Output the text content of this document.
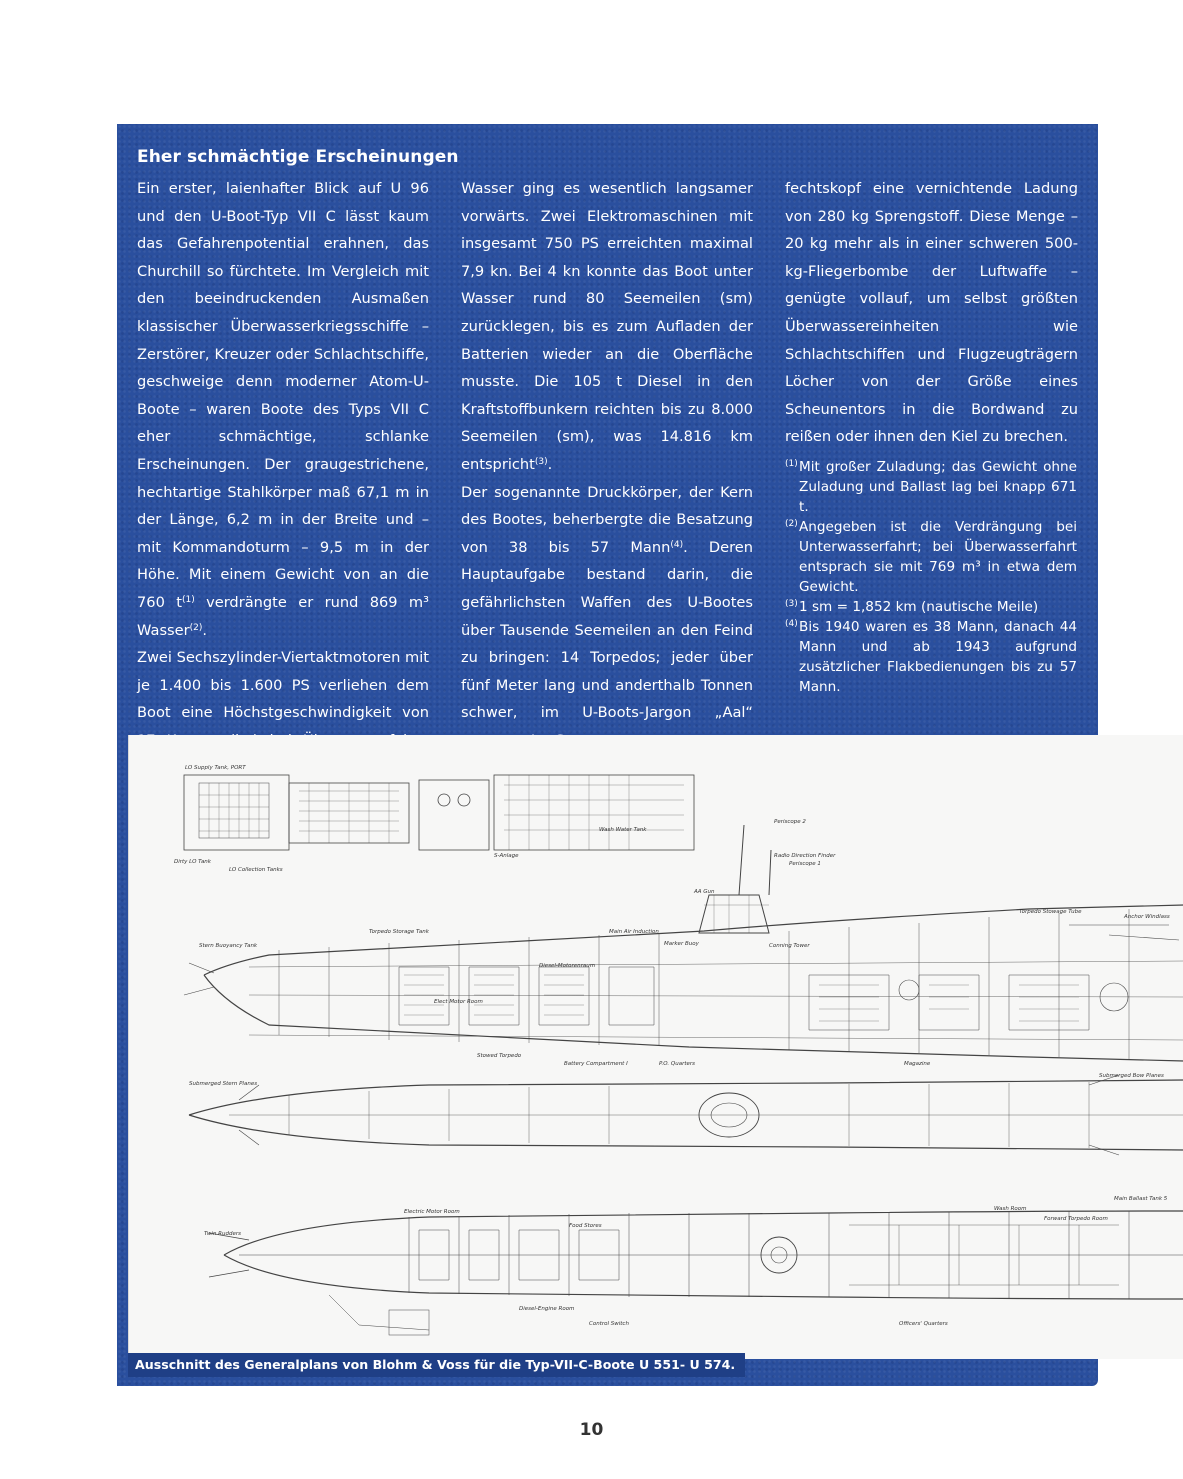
Eher schmächtige Erscheinungen

Ein erster, laienhafter Blick auf U 96 und den U-Boot-Typ VII C lässt kaum das Gefahrenpotential erahnen, das Churchill so fürchtete. Im Vergleich mit den beeindruckenden Ausmaßen klassischer Überwasserkriegsschiffe – Zerstörer, Kreuzer oder Schlachtschiffe, geschweige denn moderner Atom-U-Boote – waren Boote des Typs VII C eher schmächtige, schlanke Erscheinungen. Der graugestrichene, hechtartige Stahlkörper maß 67,1 m in der Länge, 6,2 m in der Breite und – mit Kommandoturm – 9,5 m in der Höhe. Mit einem Gewicht von an die 760 $t^{(1)}$ verdrängte er rund 869 m³ Wasser$^{(2)}$.

Zwei Sechszylinder-Viertaktmotoren mit je 1.400 bis 1.600 PS verliehen dem Boot eine Höchstgeschwindigkeit von

Wasser ging es wesentlich langsamer vorwärts. Zwei Elektromaschinen mit insgesamt 750 PS erreichten maximal 7,9 kn. Bei 4 kn konnte das Boot unter Wasser rund 80 Seemeilen (sm) zurücklegen, bis es zum Aufladen der Batterien wieder an die Oberfläche musste. Die 105 t Diesel in den Kraftstoffbunkern reichten bis zu 8.000 Seemeilen (sm), was 14.816 km entspricht$^{(3)}$.

Der sogenannte Druckkörper, der Kern des Bootes, beherbergte die Besatzung von 38 bis 57 Mann$^{(4)}$. Deren Hauptaufgabe bestand darin, die gefährlichsten Waffen des U-Bootes über Tausende Seemeilen an den Feind zu bringen: 14 Torpedos; jeder über fünf Meter lang und anderthalb Tonnen schwer, im U-Boots-Jargon „Aal“

fechtskopf eine vernichtende Ladung von 280 kg Sprengstoff. Diese Menge – 20 kg mehr als in einer schweren 500-kg-Fliegerbombe der Luftwaffe – genügte vollauf, um selbst größten Überwassereinheiten wie Schlachtschiffen und Flugzeugträgern Löcher von der Größe eines Scheunentors in die Bordwand zu reißen oder ihnen den Kiel zu brechen.

(1) Mit großer Zuladung; das Gewicht ohne Zuladung und Ballast lag bei knapp 671 t.

(2) Angegeben ist die Verdrängung bei Unterwasserfahrt; bei Überwasserfahrt entsprach sie mit 769 m³ in etwa dem Gewicht.

(3) 1 sm = 1,852 km (nautische Meile)

(4) Bis 1940 waren es 38 Mann, danach 44 Mann und ab 1943 aufgrund zusätzlicher Flakbedienungen bis zu 57 Mann.

LO Supply Tank, PORT
Dirty LO Tank
LO Collection Tanks
S-Anlage
Wash Water Tank
Periscope 2
Radio Direction Finder
Periscope 1
AA Gun
Torpedo Stowage Tube
Anchor Windlass
Stern Buoyancy Tank
Torpedo Storage Tank	Main Air Induction
Marker Buoy	Conning Tower
Diesel-Motorenraum
Elect Motor Room
Stowed Torpedo
Battery Compartment I	P.O. Quarters	Magazine
Submerged Stern Planes
Submerged Bow Planes
Twin Rudders
Electric Motor Room
Food Stores
Main Ballast Tank 5
Wash Room
Forward Torpedo Room
Officers' Quarters
Diesel-Engine Room
Control Switch
Ausschnitt des Generalplans von Blohm & Voss für die Typ-VII-C-Boote U 551- U 574.
10
